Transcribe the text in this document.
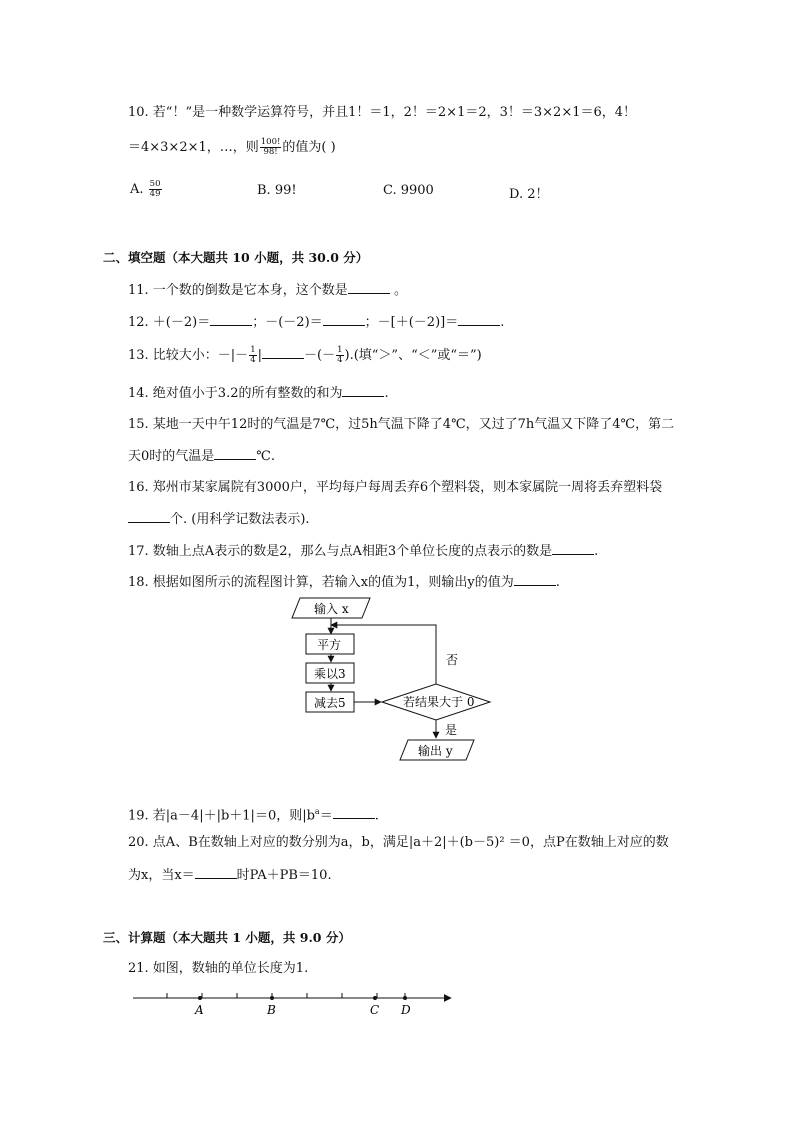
10. 若“！”是一种数学运算符号，并且1！＝1，2！＝2×1＝2，3！＝3×2×1＝6，4！
＝4×3×2×1，…，则 $\frac{100!}{98!}$ 的值为( )
A. $\frac{50}{49}$	B. 99!	C. 9900	D. 2！
二、填空题（本大题共 10 小题，共 30.0 分）
11. 一个数的倒数是它本身，这个数是	。
12. ＋(－2)＝	；－(－2)＝	；－[＋(－2)]＝	.
13. 比较大小：－|－ $\frac{1}{4}$ |	－(－ $\frac{1}{4}$ ).(填“＞”、“＜”或“＝”)
14. 绝对值小于3.2的所有整数的和为	.
15. 某地一天中午12时的气温是7℃，过5h气温下降了4℃，又过了7h气温又下降了4℃，第二
天0时的气温是	℃.
16. 郑州市某家属院有3000户，平均每户每周丢弃6个塑料袋，则本家属院一周将丢弃塑料袋
个. (用科学记数法表示).
17. 数轴上点A表示的数是2，那么与点A相距3个单位长度的点表示的数是	.
18. 根据如图所示的流程图计算，若输入x的值为1，则输出y的值为	.
输入 x
平方
乘以3
减去5	若结果大于 0
否
是
输出 y
19. 若|a－4|＋|b＋1|＝0，则$|b^a=$	.
20. 点A、B在数轴上对应的数分别为a，b，满足|a＋2|＋(b－5)² ＝0，点P在数轴上对应的数
为x，当x＝	时PA＋PB＝10.
三、计算题（本大题共 1 小题，共 9.0 分）
21. 如图，数轴的单位长度为1.
A	B	C D
